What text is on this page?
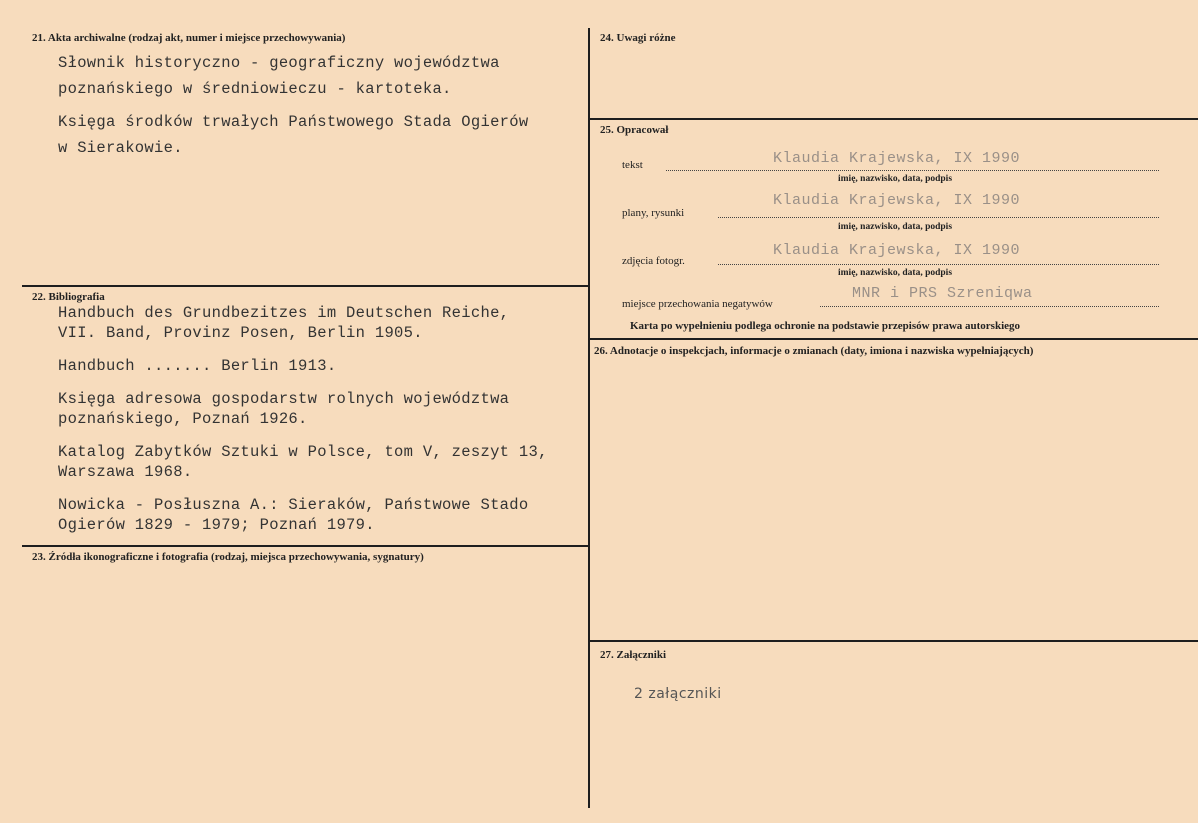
21. Akta archiwalne (rodzaj akt, numer i miejsce przechowywania)
Słownik historyczno - geograficzny województwa
poznańskiego w średniowieczu - kartoteka.
Księga środków trwałych Państwowego Stada Ogierów
w Sierakowie.
22. Bibliografia
Handbuch des Grundbezitzes im Deutschen Reiche,
VII. Band, Provinz Posen, Berlin 1905.
Handbuch ....... Berlin 1913.
Księga adresowa gospodarstw rolnych województwa
poznańskiego, Poznań 1926.
Katalog Zabytków Sztuki w Polsce, tom V, zeszyt 13,
Warszawa 1968.
Nowicka - Posłuszna A.: Sieraków, Państwowe Stado
Ogierów 1829 - 1979; Poznań 1979.
23. Źródła ikonograficzne i fotografia (rodzaj, miejsca przechowywania, sygnatury)
24. Uwagi różne
25. Opracował
tekst	Klaudia Krajewska, IX 1990
imię, nazwisko, data, podpis
plany, rysunki
Klaudia Krajewska, IX 1990
imię, nazwisko, data, podpis
zdjęcia fotogr.
Klaudia Krajewska, IX 1990
imię, nazwisko, data, podpis
miejsce przechowania negatywów
MNR i PRS Szreniqwa
Karta po wypełnieniu podlega ochronie na podstawie przepisów prawa autorskiego
26. Adnotacje o inspekcjach, informacje o zmianach (daty, imiona i nazwiska wypełniających)
27. Załączniki
2 załączniki
